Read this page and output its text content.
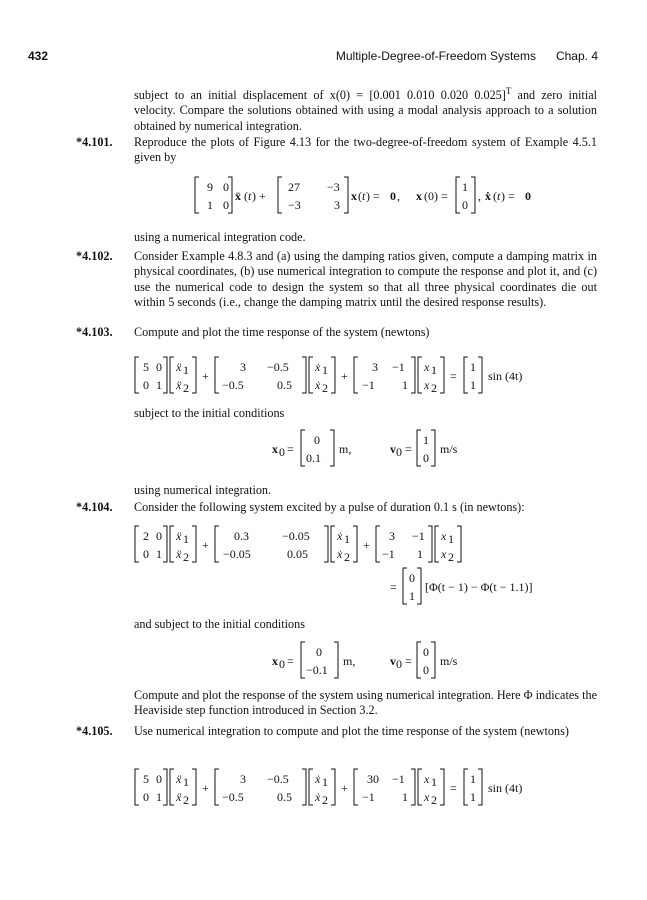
432	Multiple-Degree-of-Freedom Systems      Chap. 4
subject to an initial displacement of x(0) = [0.001 0.010 0.020 0.025]$^T$ and zero initial velocity. Compare the solutions obtained with using a modal analysis approach to a solution obtained by numerical integration.
*4.101. Reproduce the plots of Figure 4.13 for the two-degree-of-freedom system of Example 4.5.1 given by
9 0
1 0
ẍ ( t ) +
27 −3
−3	3
x ( t ) = 0 , x (0) =
1
0
, ẋ ( t ) = 0
using a numerical integration code.
*4.102. Consider Example 4.8.3 and (a) using the damping ratios given, compute a damping matrix in physical coordinates, (b) use numerical integration to compute the response and plot it, and (c) use the numerical code to design the system so that all three physical coordinates die out within 5 seconds (i.e., change the damping matrix until the desired response results).
*4.103. Compute and plot the time response of the system (newtons)
5 0
0 1
ẍ 1
ẍ 2
+
3 −0.5
−0.5	0.5
ẋ 1
ẋ 2
+
3 −1
−1 1
x 1
x 2
=
1
1
sin (4t)
subject to the initial conditions
x 0 =
0
0.1
m,	v 0 =
1
0
m/s
using numerical integration.
*4.104. Consider the following system excited by a pulse of duration 0.1 s (in newtons):
2 0
0 1
ẍ 1
ẍ 2
+
0.3	−0.05
−0.05	0.05
ẋ 1
ẋ 2
+
3 −1
−1 1
x 1
x 2
=
0
1
[Φ(t − 1) − Φ(t − 1.1)]
and subject to the initial conditions
x 0 =
0
−0.1
m,	v 0 =
0
0
m/s
Compute and plot the response of the system using numerical integration. Here Φ indicates the Heaviside step function introduced in Section 3.2.
*4.105. Use numerical integration to compute and plot the time response of the system (newtons)
5 0
0 1
ẍ 1
ẍ 2
+
3 −0.5
−0.5	0.5
ẋ 1
ẋ 2
+
30 −1
−1 1
x 1
x 2
=
1
1
sin (4t)
